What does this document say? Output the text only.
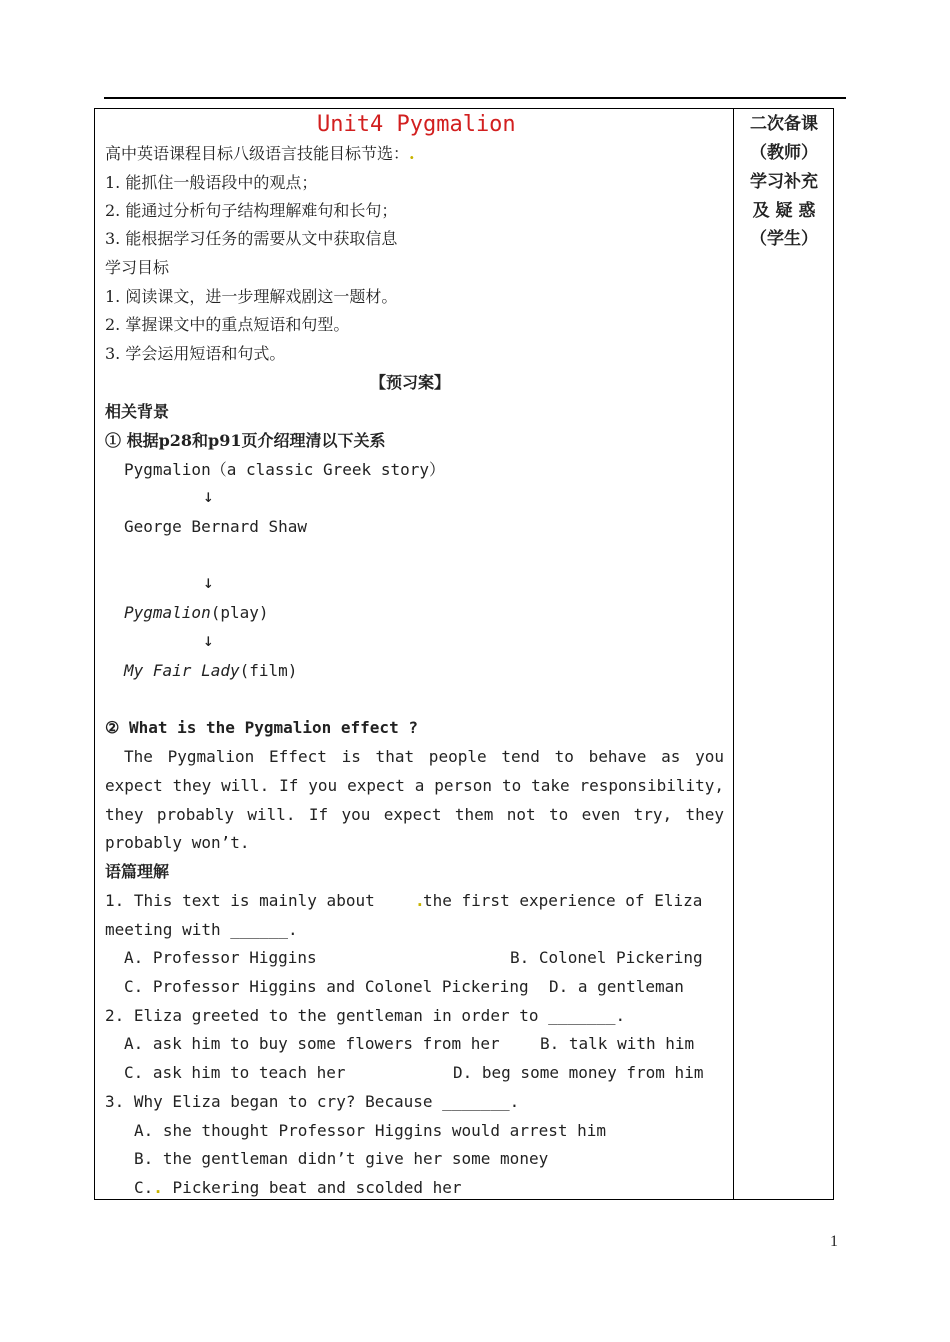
Unit4 Pygmalion
高中英语课程目标八级语言技能目标节选：.
1. 能抓住一般语段中的观点；
2. 能通过分析句子结构理解难句和长句；
3. 能根据学习任务的需要从文中获取信息
学习目标
1. 阅读课文，进一步理解戏剧这一题材。
2. 掌握课文中的重点短语和句型。
3. 学会运用短语和句式。
【预习案】
相关背景
① 根据p28和p91页介绍理清以下关系
Pygmalion（a classic Greek story）
↓
George Bernard Shaw
↓
Pygmalion(play)
↓
My Fair Lady(film)
② What is the Pygmalion effect ?
The Pygmalion Effect is that people tend to behave as you
expect they will. If you expect a person to take responsibility,
they probably will. If you expect them not to even try, they
probably won’t.
语篇理解
1. This text is mainly about	.
the first experience of Eliza
meeting with ______.
A. Professor Higgins	B. Colonel Pickering
C. Professor Higgins and Colonel Pickering D. a gentleman
2. Eliza greeted to the gentleman in order to _______.
A. ask him to buy some flowers from her	B. talk with him
C. ask him to teach her	D. beg some money from him
3. Why Eliza began to cry? Because _______.
A. she thought Professor Higgins would arrest him
B. the gentleman didn’t give her some money
C.. Pickering beat and scolded her
二次备课
（教师）
学习补充
及 疑 惑
（学生）
1
